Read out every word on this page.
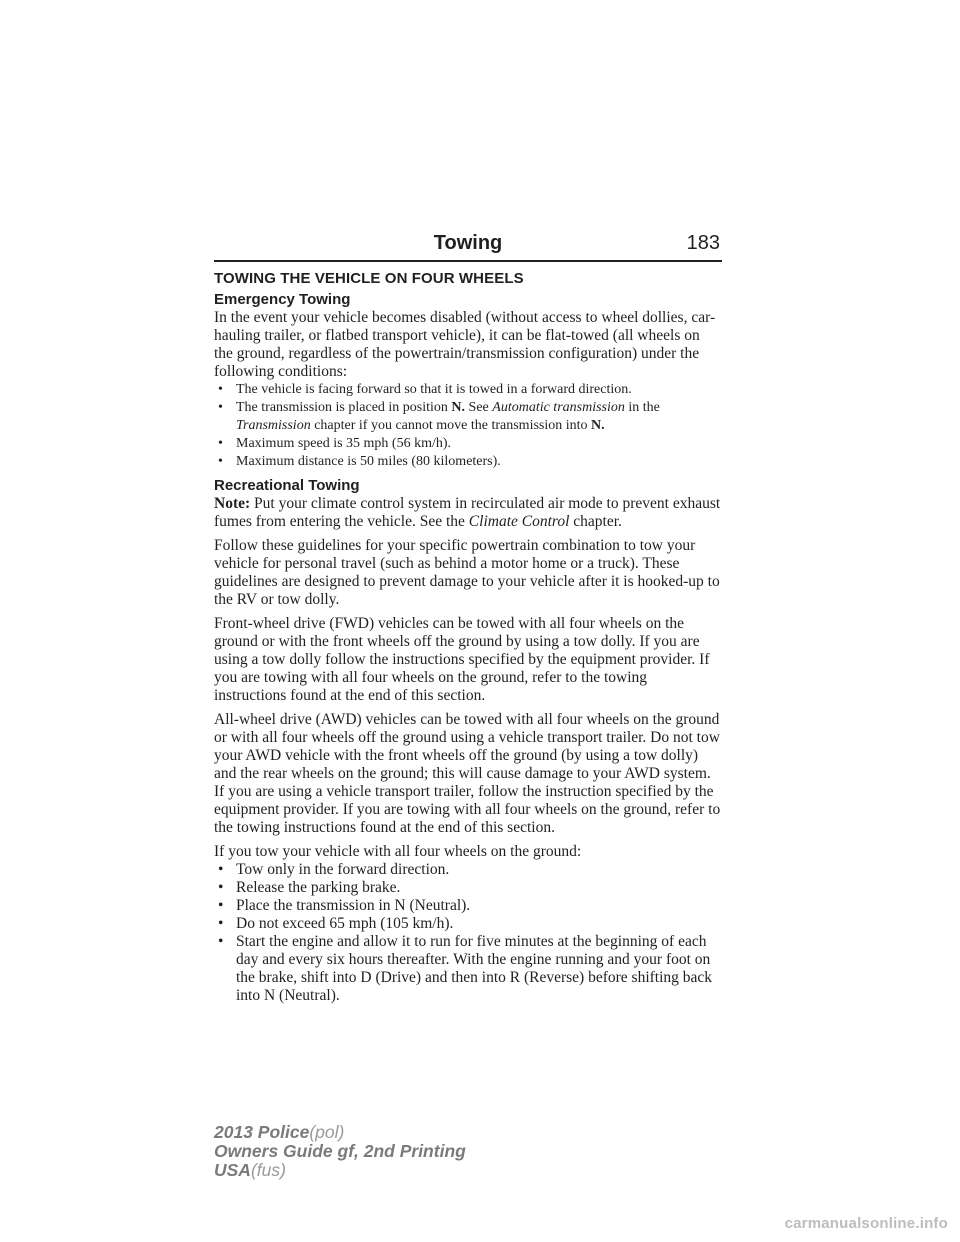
Towing	183
TOWING THE VEHICLE ON FOUR WHEELS
Emergency Towing

In the event your vehicle becomes disabled (without access to wheel dollies, car-hauling trailer, or flatbed transport vehicle), it can be flat-towed (all wheels on the ground, regardless of the powertrain/transmission configuration) under the following conditions:

• The vehicle is facing forward so that it is towed in a forward direction.
• The transmission is placed in position N. See Automatic transmission in the Transmission chapter if you cannot move the transmission into N.
• Maximum speed is 35 mph (56 km/h).
• Maximum distance is 50 miles (80 kilometers).
Recreational Towing

Note: Put your climate control system in recirculated air mode to prevent exhaust fumes from entering the vehicle. See the Climate Control chapter.

Follow these guidelines for your specific powertrain combination to tow your vehicle for personal travel (such as behind a motor home or a truck). These guidelines are designed to prevent damage to your vehicle after it is hooked-up to the RV or tow dolly.

Front-wheel drive (FWD) vehicles can be towed with all four wheels on the ground or with the front wheels off the ground by using a tow dolly. If you are using a tow dolly follow the instructions specified by the equipment provider. If you are towing with all four wheels on the ground, refer to the towing instructions found at the end of this section.

All-wheel drive (AWD) vehicles can be towed with all four wheels on the ground or with all four wheels off the ground using a vehicle transport trailer. Do not tow your AWD vehicle with the front wheels off the ground (by using a tow dolly) and the rear wheels on the ground; this will cause damage to your AWD system. If you are using a vehicle transport trailer, follow the instruction specified by the equipment provider. If you are towing with all four wheels on the ground, refer to the towing instructions found at the end of this section.

If you tow your vehicle with all four wheels on the ground:

• Tow only in the forward direction.
• Release the parking brake.
• Place the transmission in N (Neutral).
• Do not exceed 65 mph (105 km/h).
• Start the engine and allow it to run for five minutes at the beginning of each day and every six hours thereafter. With the engine running and your foot on the brake, shift into D (Drive) and then into R (Reverse) before shifting back into N (Neutral).
2013 Police(pol)
Owners Guide gf, 2nd Printing
USA(fus)
carmanualsonline.info
